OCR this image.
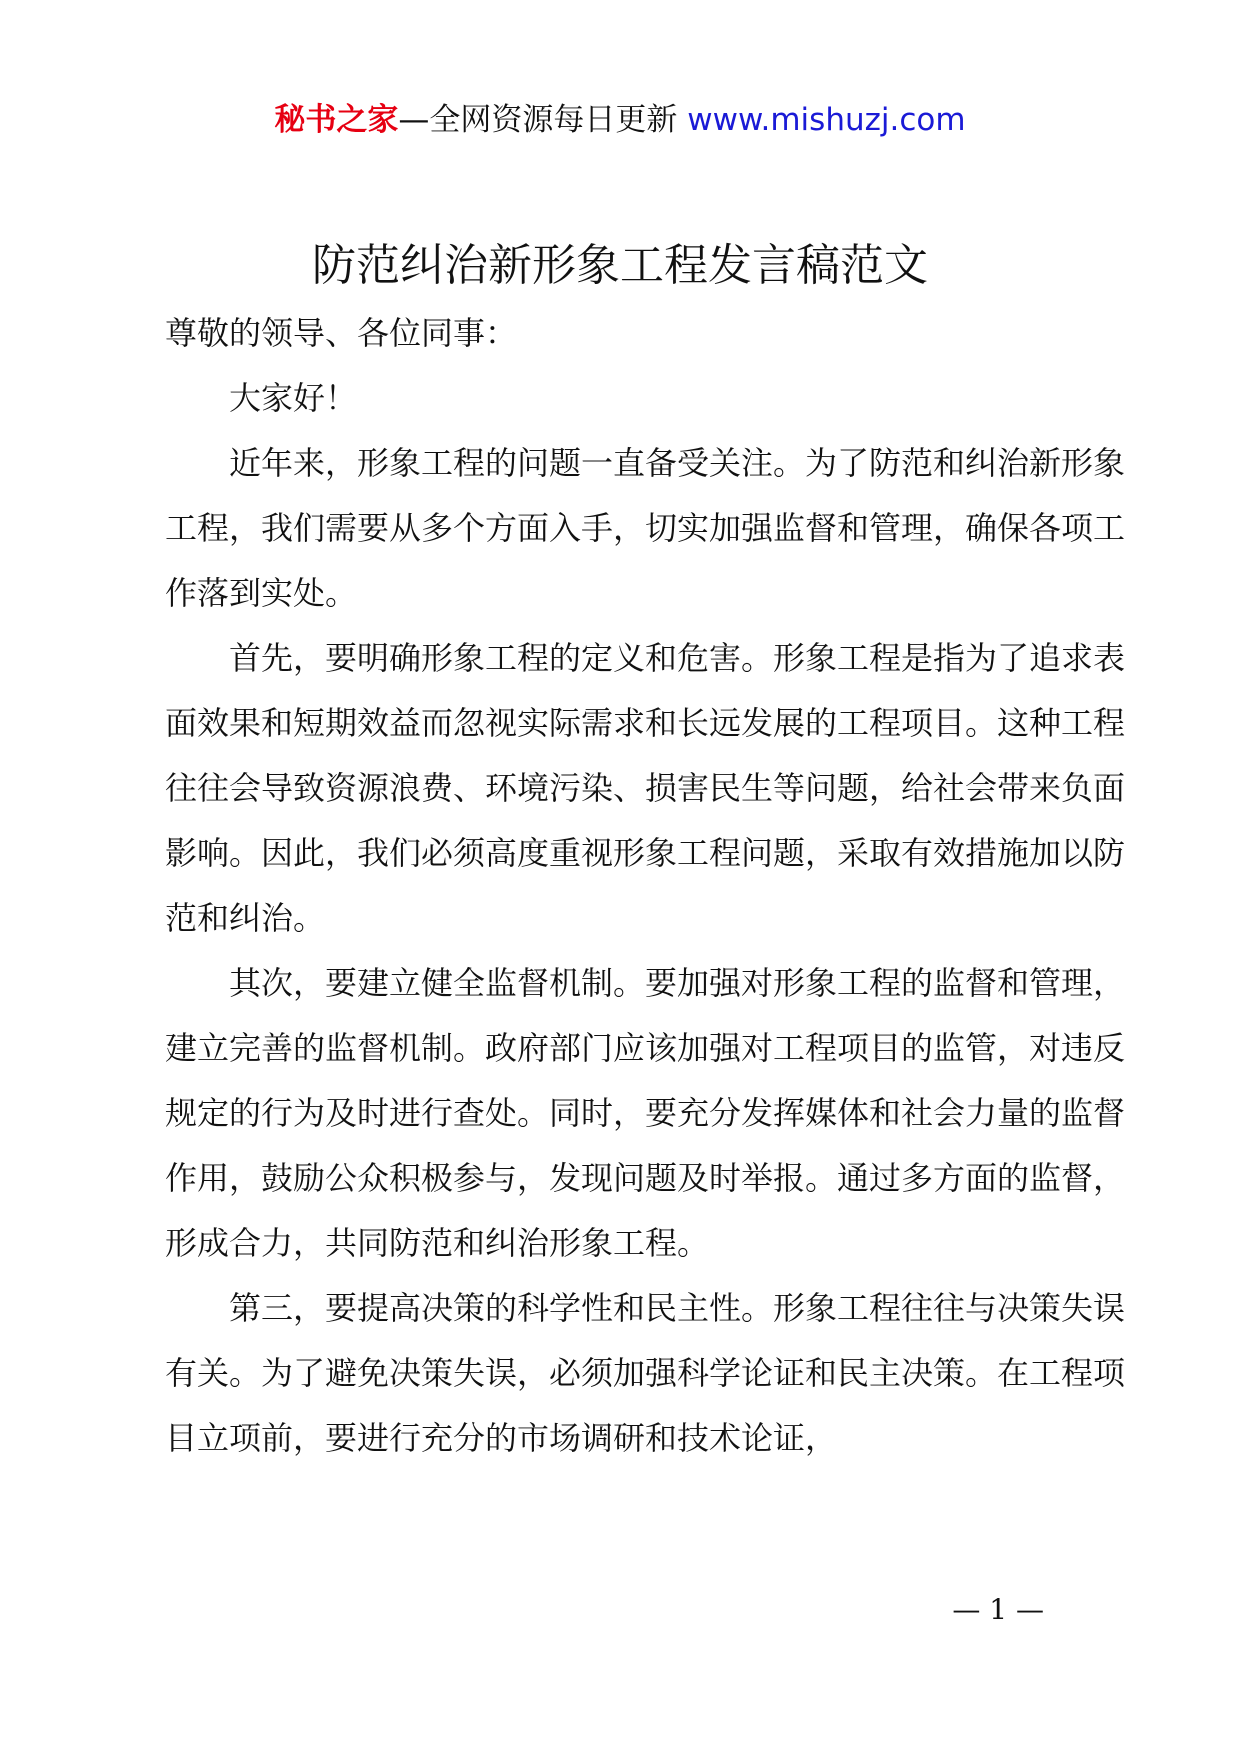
秘书之家—全网资源每日更新 www.mishuzj.com
防范纠治新形象工程发言稿范文

尊敬的领导、各位同事：

大家好！

近年来，形象工程的问题一直备受关注。为了防范和纠治新形象工程，我们需要从多个方面入手，切实加强监督和管理，确保各项工作落到实处。

首先，要明确形象工程的定义和危害。形象工程是指为了追求表面效果和短期效益而忽视实际需求和长远发展的工程项目。这种工程往往会导致资源浪费、环境污染、损害民生等问题，给社会带来负面影响。因此，我们必须高度重视形象工程问题，采取有效措施加以防范和纠治。

其次，要建立健全监督机制。要加强对形象工程的监督和管理，建立完善的监督机制。政府部门应该加强对工程项目的监管，对违反规定的行为及时进行查处。同时，要充分发挥媒体和社会力量的监督作用，鼓励公众积极参与，发现问题及时举报。通过多方面的监督，形成合力，共同防范和纠治形象工程。

第三，要提高决策的科学性和民主性。形象工程往往与决策失误有关。为了避免决策失误，必须加强科学论证和民主决策。在工程项目立项前，要进行充分的市场调研和技术论证，

— 1 —
